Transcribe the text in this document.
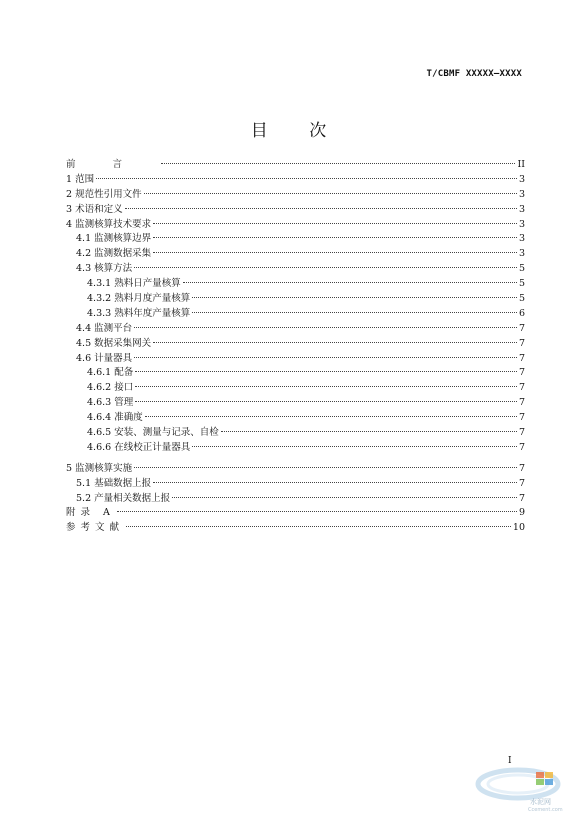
T/CBMF XXXXX—XXXX
目 次
前言	II
1 范围	3
2 规范性引用文件	3
3 术语和定义	3
4 监测核算技术要求	3
4.1 监测核算边界	3
4.2 监测数据采集	3
4.3 核算方法	5
4.3.1 熟料日产量核算	5
4.3.2 熟料月度产量核算	5
4.3.3 熟料年度产量核算	6
4.4 监测平台	7
4.5 数据采集网关	7
4.6 计量器具	7
4.6.1 配备	7
4.6.2 接口	7
4.6.3 管理	7
4.6.4 准确度	7
4.6.5 安装、测量与记录、自检	7
4.6.6 在线校正计量器具	7
5 监测核算实施	7
5.1 基础数据上报	7
5.2 产量相关数据上报	7
附录 A	9
参考文献	10
I
水泥网
Ccement.com
